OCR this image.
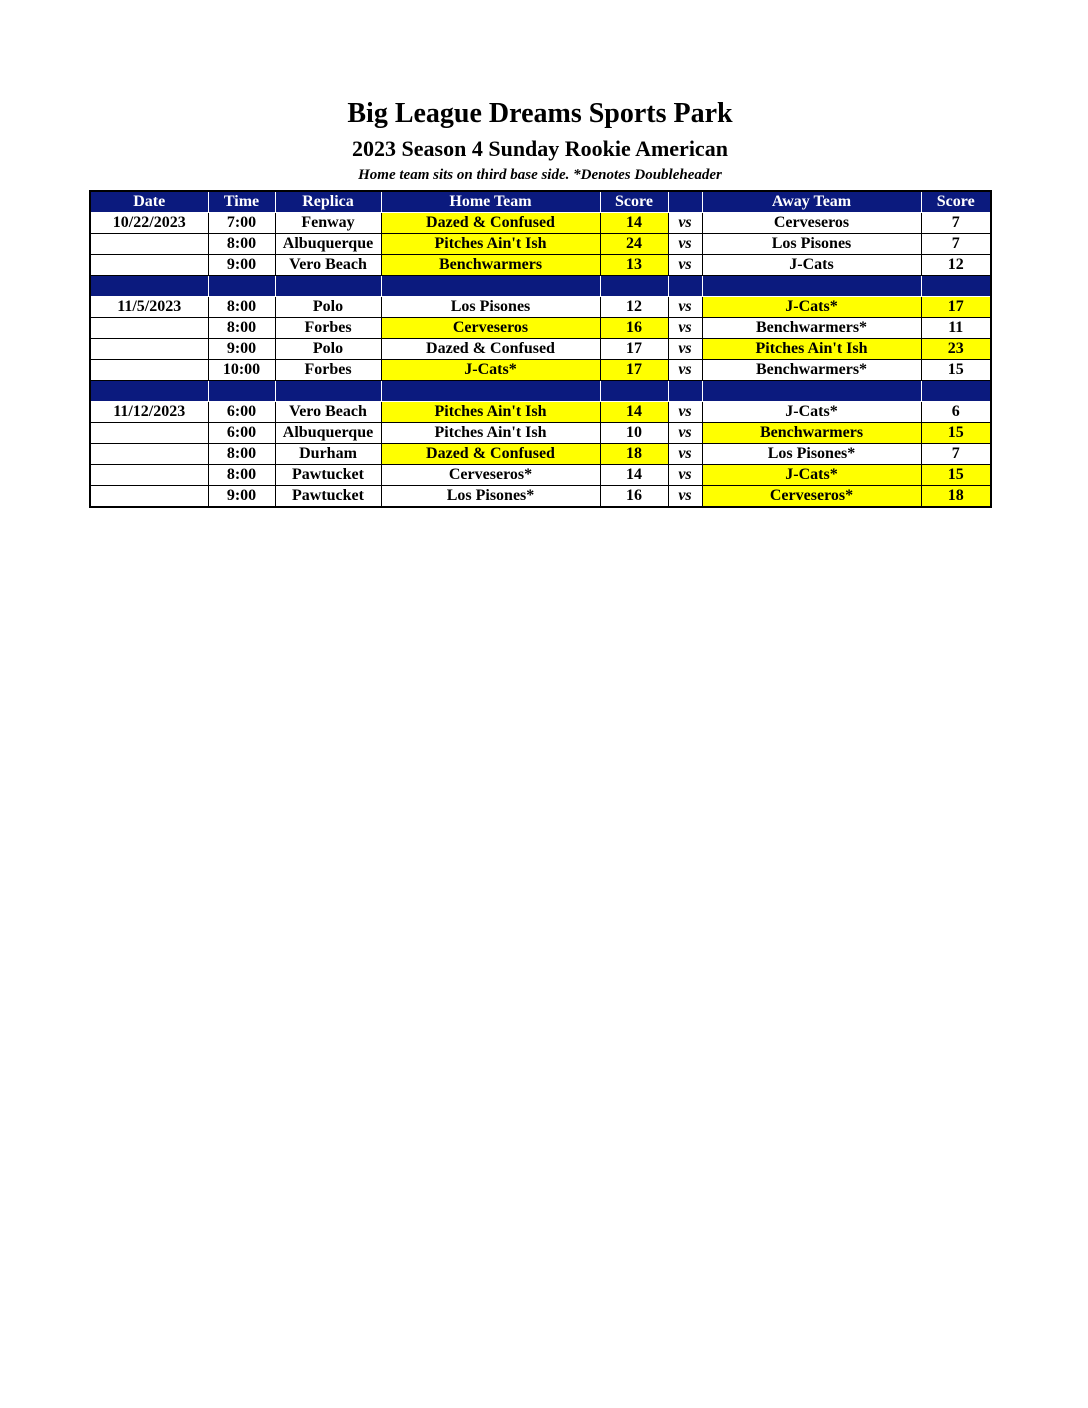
Big League Dreams Sports Park
2023 Season 4 Sunday Rookie American
Home team sits on third base side. *Denotes Doubleheader
Date	Time	Replica	Home Team	Score		Away Team	Score
10/22/2023	7:00	Fenway	Dazed & Confused	14	vs	Cerveseros	7
	8:00	Albuquerque	Pitches Ain't Ish	24	vs	Los Pisones	7
	9:00	Vero Beach	Benchwarmers	13	vs	J-Cats	12

11/5/2023	8:00	Polo	Los Pisones	12	vs	J-Cats*	17
	8:00	Forbes	Cerveseros	16	vs	Benchwarmers*	11
	9:00	Polo	Dazed & Confused	17	vs	Pitches Ain't Ish	23
	10:00	Forbes	J-Cats*	17	vs	Benchwarmers*	15

11/12/2023	6:00	Vero Beach	Pitches Ain't Ish	14	vs	J-Cats*	6
	6:00	Albuquerque	Pitches Ain't Ish	10	vs	Benchwarmers	15
	8:00	Durham	Dazed & Confused	18	vs	Los Pisones*	7
	8:00	Pawtucket	Cerveseros*	14	vs	J-Cats*	15
	9:00	Pawtucket	Los Pisones*	16	vs	Cerveseros*	18
